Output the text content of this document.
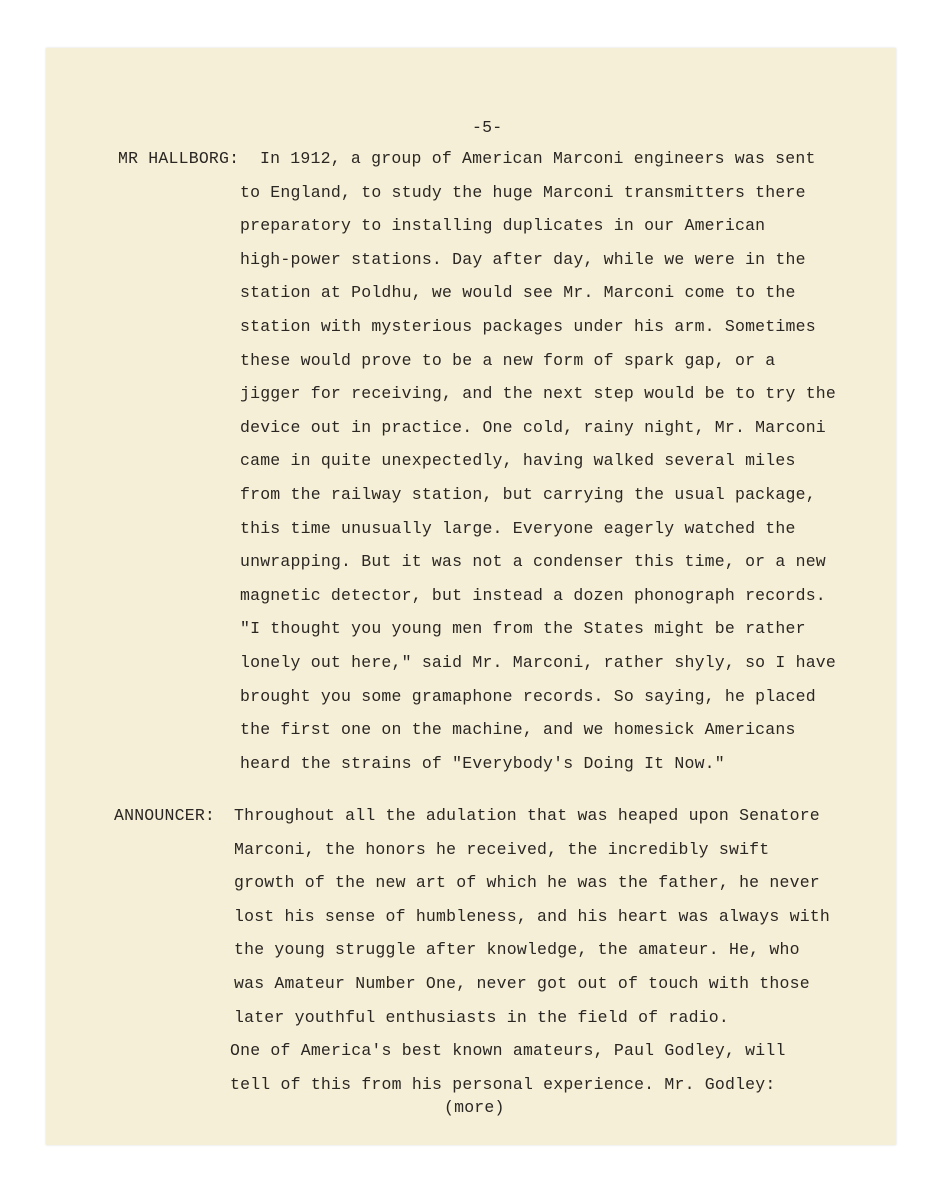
-5-
MR HALLBORG: In 1912, a group of American Marconi engineers was sent
to England, to study the huge Marconi transmitters there
preparatory to installing duplicates in our American
high-power stations. Day after day, while we were in the
station at Poldhu, we would see Mr. Marconi come to the
station with mysterious packages under his arm. Sometimes
these would prove to be a new form of spark gap, or a
jigger for receiving, and the next step would be to try the
device out in practice. One cold, rainy night, Mr. Marconi
came in quite unexpectedly, having walked several miles
from the railway station, but carrying the usual package,
this time unusually large. Everyone eagerly watched the
unwrapping. But it was not a condenser this time, or a new
magnetic detector, but instead a dozen phonograph records.
"I thought you young men from the States might be rather
lonely out here," said Mr. Marconi, rather shyly, so I have
brought you some gramaphone records. So saying, he placed
the first one on the machine, and we homesick Americans
heard the strains of "Everybody's Doing It Now."
ANNOUNCER: Throughout all the adulation that was heaped upon Senatore
Marconi, the honors he received, the incredibly swift
growth of the new art of which he was the father, he never
lost his sense of humbleness, and his heart was always with
the young struggle after knowledge, the amateur. He, who
was Amateur Number One, never got out of touch with those
later youthful enthusiasts in the field of radio.
One of America's best known amateurs, Paul Godley, will
tell of this from his personal experience. Mr. Godley:
(more)
